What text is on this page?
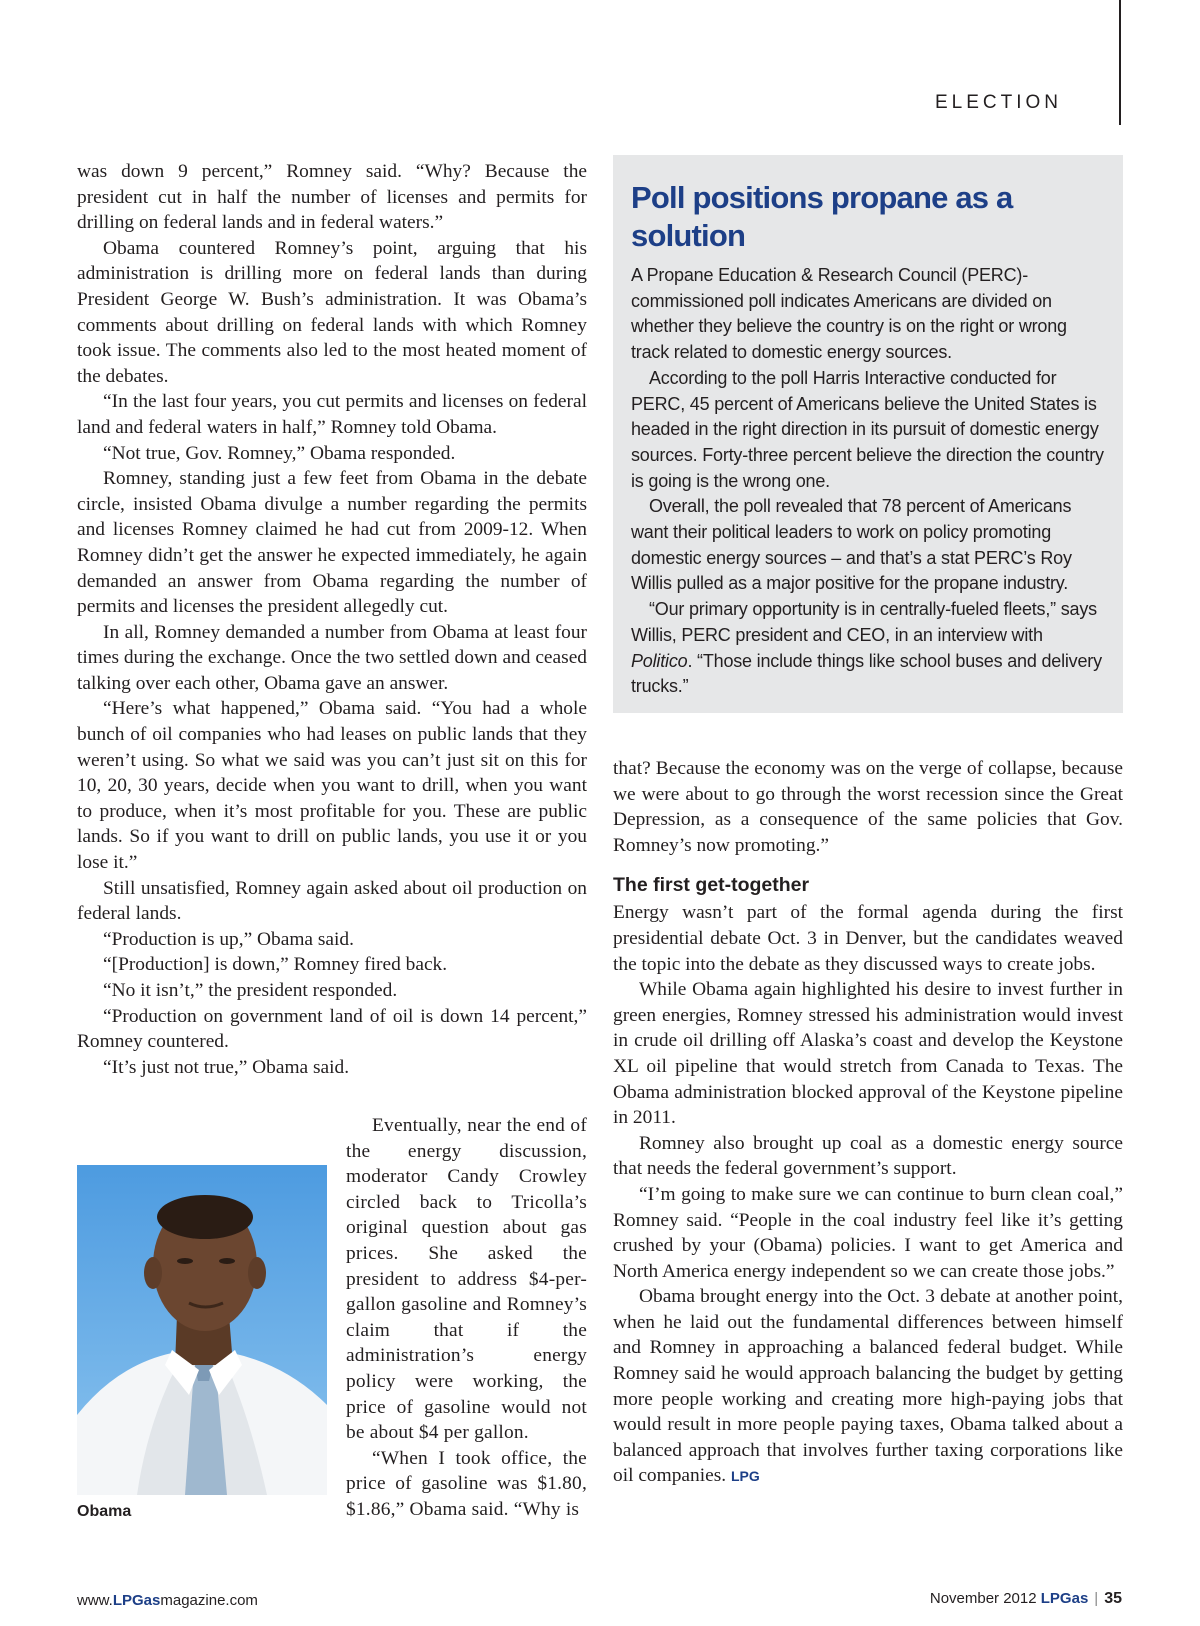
ELECTION

was down 9 percent,” Romney said. “Why? Because the president cut in half the number of licenses and permits for drilling on federal lands and in federal waters.”

Obama countered Romney’s point, arguing that his administration is drilling more on federal lands than during President George W. Bush’s administration. It was Obama’s comments about drilling on federal lands with which Romney took issue. The comments also led to the most heated moment of the debates.

“In the last four years, you cut permits and licenses on federal land and federal waters in half,” Romney told Obama.

“Not true, Gov. Romney,” Obama responded.

Romney, standing just a few feet from Obama in the debate circle, insisted Obama divulge a number regarding the permits and licenses Romney claimed he had cut from 2009-12. When Romney didn’t get the answer he expected immediately, he again demanded an answer from Obama regarding the number of permits and licenses the president allegedly cut.

In all, Romney demanded a number from Obama at least four times during the exchange. Once the two settled down and ceased talking over each other, Obama gave an answer.

“Here’s what happened,” Obama said. “You had a whole bunch of oil companies who had leases on public lands that they weren’t using. So what we said was you can’t just sit on this for 10, 20, 30 years, decide when you want to drill, when you want to produce, when it’s most profitable for you. These are public lands. So if you want to drill on public lands, you use it or you lose it.”

Still unsatisfied, Romney again asked about oil production on federal lands.

“Production is up,” Obama said.

“[Production] is down,” Romney fired back.

“No it isn’t,” the president responded.

“Production on government land of oil is down 14 percent,” Romney countered.

“It’s just not true,” Obama said.

Obama

Eventually, near the end of the energy discussion, moderator Candy Crowley circled back to Tricolla’s original question about gas prices. She asked the president to address $4-per-gallon gasoline and Romney’s claim that if the administration’s energy policy were working, the price of gasoline would not be about $4 per gallon.

“When I took office, the price of gasoline was $1.80, $1.86,” Obama said. “Why is

Poll positions propane as a solution

A Propane Education & Research Council (PERC)-commissioned poll indicates Americans are divided on whether they believe the country is on the right or wrong track related to domestic energy sources.

According to the poll Harris Interactive conducted for PERC, 45 percent of Americans believe the United States is headed in the right direction in its pursuit of domestic energy sources. Forty-three percent believe the direction the country is going is the wrong one.

Overall, the poll revealed that 78 percent of Americans want their political leaders to work on policy promoting domestic energy sources – and that’s a stat PERC’s Roy Willis pulled as a major positive for the propane industry.

“Our primary opportunity is in centrally-fueled fleets,” says Willis, PERC president and CEO, in an interview with Politico. “Those include things like school buses and delivery trucks.”

that? Because the economy was on the verge of collapse, because we were about to go through the worst recession since the Great Depression, as a consequence of the same policies that Gov. Romney’s now promoting.”

The first get-together

Energy wasn’t part of the formal agenda during the first presidential debate Oct. 3 in Denver, but the candidates weaved the topic into the debate as they discussed ways to create jobs.

While Obama again highlighted his desire to invest further in green energies, Romney stressed his administration would invest in crude oil drilling off Alaska’s coast and develop the Keystone XL oil pipeline that would stretch from Canada to Texas. The Obama administration blocked approval of the Keystone pipeline in 2011.

Romney also brought up coal as a domestic energy source that needs the federal government’s support.

“I’m going to make sure we can continue to burn clean coal,” Romney said. “People in the coal industry feel like it’s getting crushed by your (Obama) policies. I want to get America and North America energy independent so we can create those jobs.”

Obama brought energy into the Oct. 3 debate at another point, when he laid out the fundamental differences between himself and Romney in approaching a balanced federal budget. While Romney said he would approach balancing the budget by getting more people working and creating more high-paying jobs that would result in more people paying taxes, Obama talked about a balanced approach that involves further taxing corporations like oil companies. LPG

www.LPGasmagazine.com	November 2012 LPGas | 35
